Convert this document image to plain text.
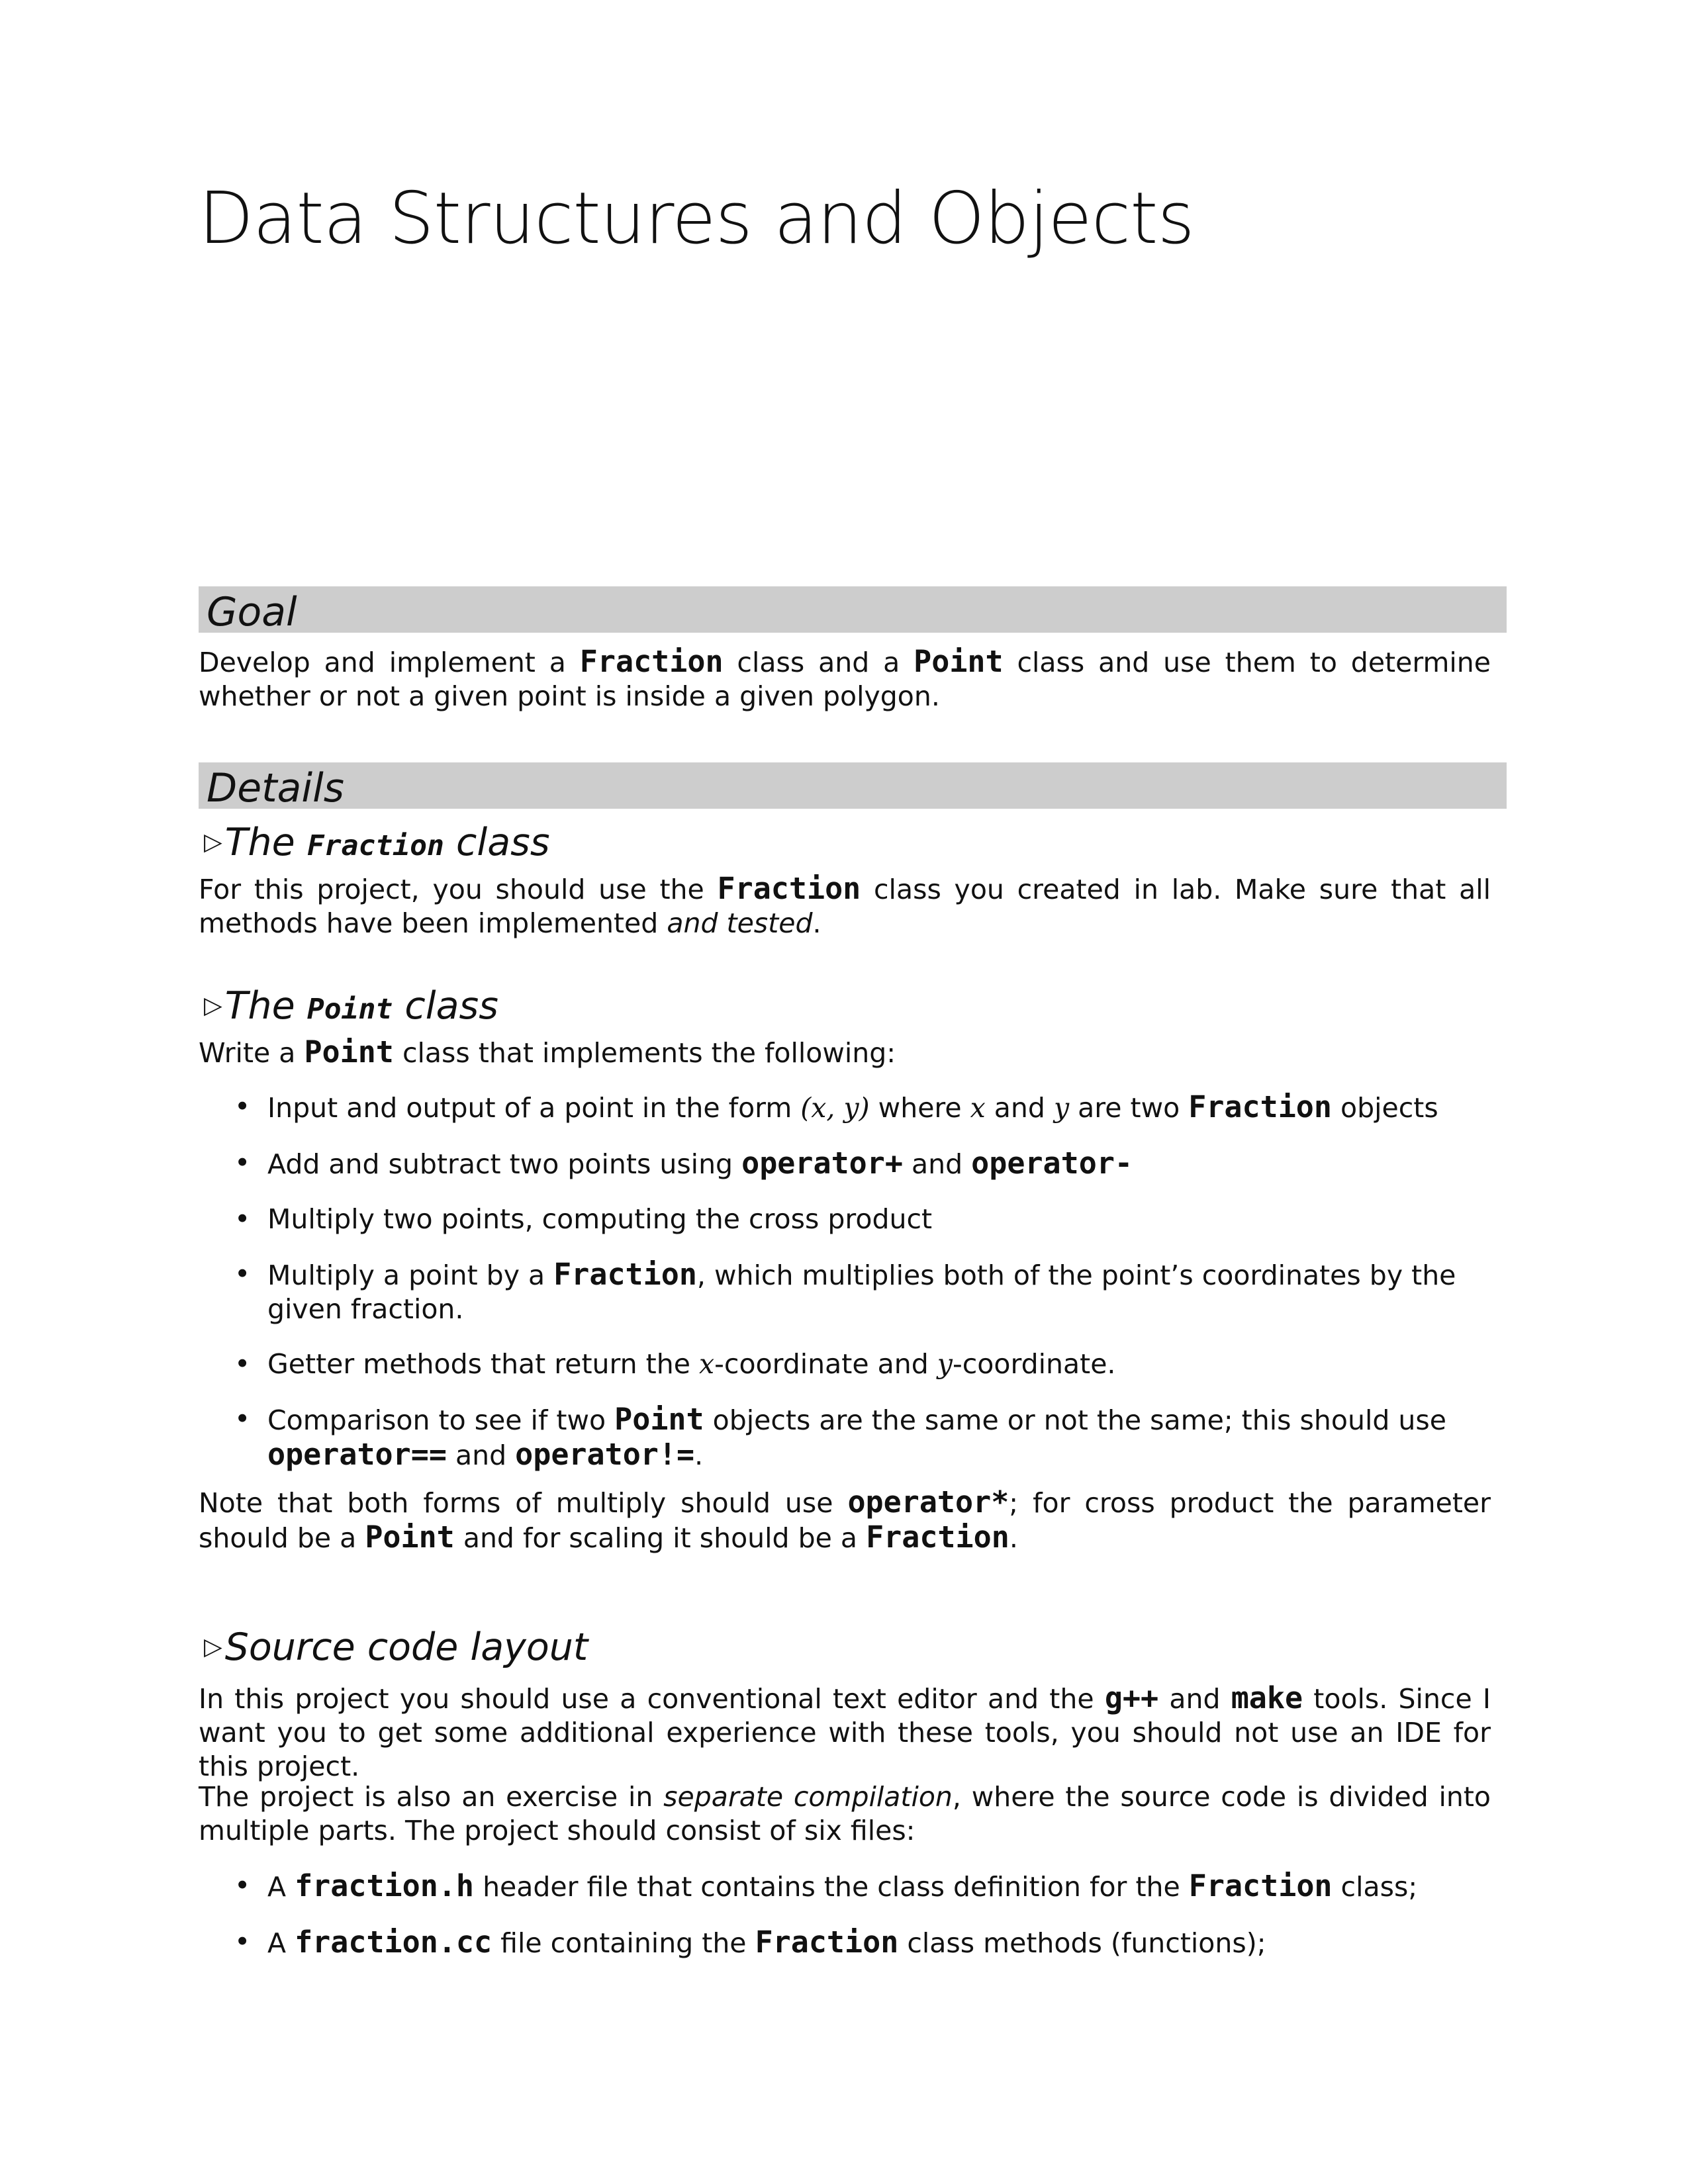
Data Structures and Objects
Goal
Develop and implement a Fraction class and a Point class and use them to determine whether or not a given point is inside a given polygon.
Details
▷The Fraction class
For this project, you should use the Fraction class you created in lab. Make sure that all methods have been implemented and tested.
▷The Point class
Write a Point class that implements the following:
• Input and output of a point in the form (x, y) where x and y are two Fraction objects
• Add and subtract two points using operator+ and operator-
• Multiply two points, computing the cross product
• Multiply a point by a Fraction, which multiplies both of the point’s coordinates by the given fraction.
• Getter methods that return the x-coordinate and y-coordinate.
• Comparison to see if two Point objects are the same or not the same; this should use operator== and operator!=.
Note that both forms of multiply should use operator*; for cross product the parameter should be a Point and for scaling it should be a Fraction.
▷Source code layout
In this project you should use a conventional text editor and the g++ and make tools. Since I want you to get some additional experience with these tools, you should not use an IDE for this project.
The project is also an exercise in separate compilation, where the source code is divided into multiple parts. The project should consist of six files:
• A fraction.h header file that contains the class definition for the Fraction class;
• A fraction.cc file containing the Fraction class methods (functions);
